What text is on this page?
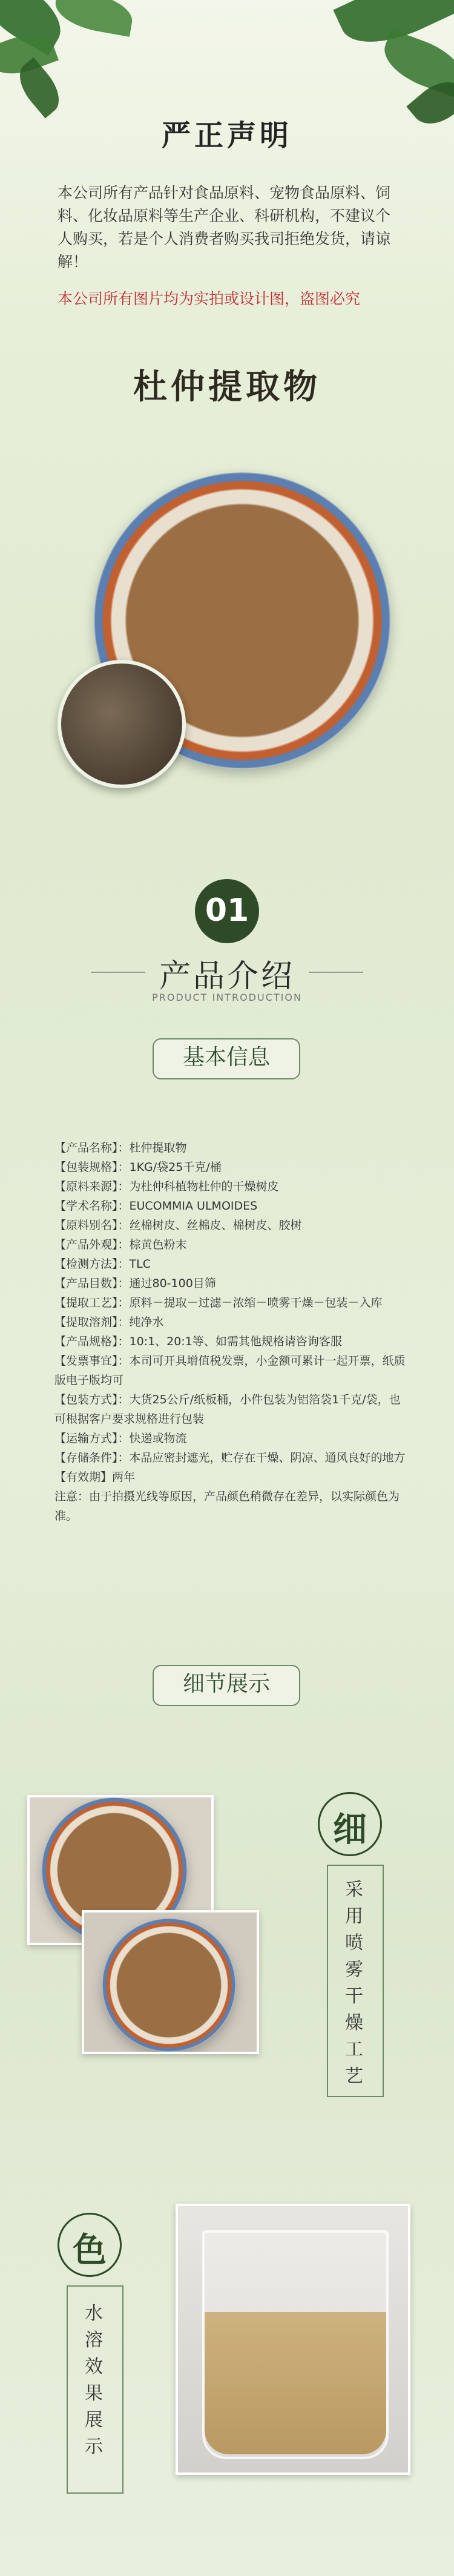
严正声明
本公司所有产品针对食品原料、宠物食品原料、饲料、化妆品原料等生产企业、科研机构，不建议个人购买，若是个人消费者购买我司拒绝发货，请谅解！
本公司所有图片均为实拍或设计图，盗图必究
杜仲提取物
01
产品介绍
PRODUCT INTRODUCTION
基本信息

【产品名称】：杜仲提取物

【包装规格】：1KG/袋25千克/桶

【原料来源】：为杜仲科植物杜仲的干燥树皮

【学术名称】：EUCOMMIA ULMOIDES

【原料别名】：丝棉树皮、丝棉皮、棉树皮、胶树

【产品外观】：棕黄色粉末

【检测方法】：TLC

【产品目数】：通过80-100目筛

【提取工艺】：原料－提取－过滤－浓缩－喷雾干燥－包装－入库

【提取溶剂】：纯净水

【产品规格】：10:1、20:1等、如需其他规格请咨询客服

【发票事宜】：本司可开具增值税发票，小金额可累计一起开票，纸质版电子版均可

【包装方式】：大货25公斤/纸板桶，小件包装为铝箔袋1千克/袋，也可根据客户要求规格进行包装

【运输方式】：快递或物流

【存储条件】：本品应密封遮光，贮存在干燥、阴凉、通风良好的地方

【有效期】两年

注意：由于拍摄光线等原因，产品颜色稍微存在差异，以实际颜色为准。

细节展示
细
采用喷雾干燥工艺
色
水溶效果展示
